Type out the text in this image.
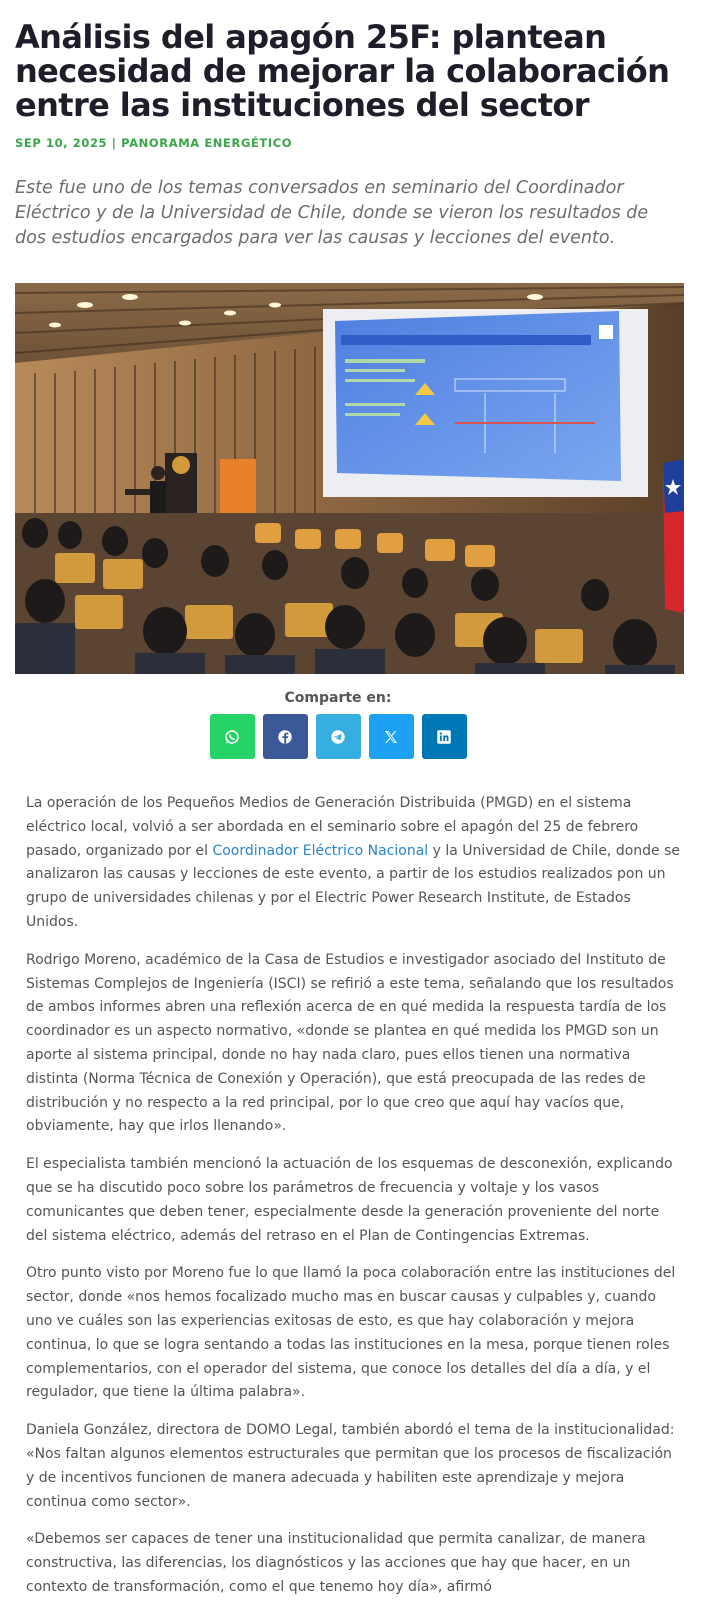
Análisis del apagón 25F: plantean necesidad de mejorar la colaboración entre las instituciones del sector
SEP 10, 2025 | PANORAMA ENERGÉTICO
Este fue uno de los temas conversados en seminario del Coordinador Eléctrico y de la Universidad de Chile, donde se vieron los resultados de dos estudios encargados para ver las causas y lecciones del evento.
Comparte en:

La operación de los Pequeños Medios de Generación Distribuida (PMGD) en el sistema eléctrico local, volvió a ser abordada en el seminario sobre el apagón del 25 de febrero pasado, organizado por el Coordinador Eléctrico Nacional y la Universidad de Chile, donde se analizaron las causas y lecciones de este evento, a partir de los estudios realizados pon un grupo de universidades chilenas y por el Electric Power Research Institute, de Estados Unidos.

Rodrigo Moreno, académico de la Casa de Estudios e investigador asociado del Instituto de Sistemas Complejos de Ingeniería (ISCI) se refirió a este tema, señalando que los resultados de ambos informes abren una reflexión acerca de en qué medida la respuesta tardía de los coordinador es un aspecto normativo, «donde se plantea en qué medida los PMGD son un aporte al sistema principal, donde no hay nada claro, pues ellos tienen una normativa distinta (Norma Técnica de Conexión y Operación), que está preocupada de las redes de distribución y no respecto a la red principal, por lo que creo que aquí hay vacíos que, obviamente, hay que irlos llenando».

El especialista también mencionó la actuación de los esquemas de desconexión, explicando que se ha discutido poco sobre los parámetros de frecuencia y voltaje y los vasos comunicantes que deben tener, especialmente desde la generación proveniente del norte del sistema eléctrico, además del retraso en el Plan de Contingencias Extremas.

Otro punto visto por Moreno fue lo que llamó la poca colaboración entre las instituciones del sector, donde «nos hemos focalizado mucho mas en buscar causas y culpables y, cuando uno ve cuáles son las experiencias exitosas de esto, es que hay colaboración y mejora continua, lo que se logra sentando a todas las instituciones en la mesa, porque tienen roles complementarios, con el operador del sistema, que conoce los detalles del día a día, y el regulador, que tiene la última palabra».

Daniela González, directora de DOMO Legal, también abordó el tema de la institucionalidad: «Nos faltan algunos elementos estructurales que permitan que los procesos de fiscalización y de incentivos funcionen de manera adecuada y habiliten este aprendizaje y mejora continua como sector».

«Debemos ser capaces de tener una institucionalidad que permita canalizar, de manera constructiva, las diferencias, los diagnósticos y las acciones que hay que hacer, en un contexto de transformación, como el que tenemo hoy día», afirmó
